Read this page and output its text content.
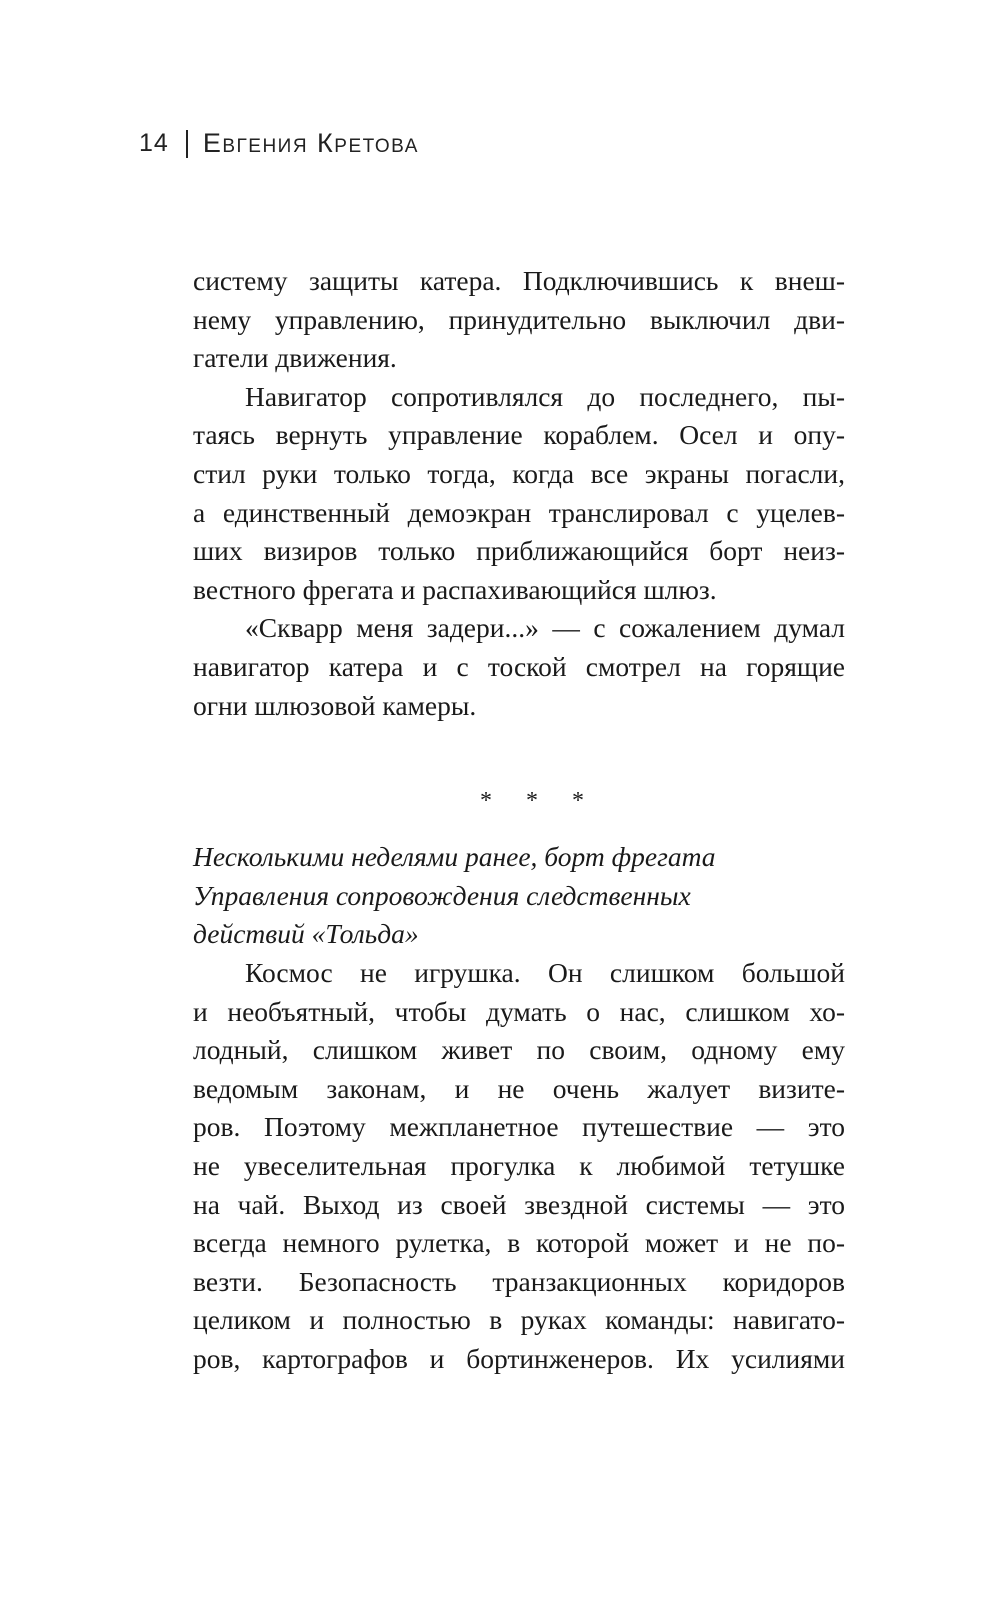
14 Евгения Кретова
систему защиты катера. Подключившись к внеш-
нему управлению, принудительно выключил дви-
гатели движения.
Навигатор сопротивлялся до последнего, пы-
таясь вернуть управление кораблем. Осел и опу-
стил руки только тогда, когда все экраны погасли,
а единственный демоэкран транслировал с уцелев-
ших визиров только приближающийся борт неиз-
вестного фрегата и распахивающийся шлюз.
«Скварр меня задери...» — с сожалением думал
навигатор катера и с тоской смотрел на горящие
огни шлюзовой камеры.
* * *
Несколькими неделями ранее, борт фрегата
Управления сопровождения следственных
действий «Тольда»
Космос не игрушка. Он слишком большой
и необъятный, чтобы думать о нас, слишком хо-
лодный, слишком живет по своим, одному ему
ведомым законам, и не очень жалует визите-
ров. Поэтому межпланетное путешествие — это
не увеселительная прогулка к любимой тетушке
на чай. Выход из своей звездной системы — это
всегда немного рулетка, в которой может и не по-
везти. Безопасность транзакционных коридоров
целиком и полностью в руках команды: навигато-
ров, картографов и бортинженеров. Их усилиями
